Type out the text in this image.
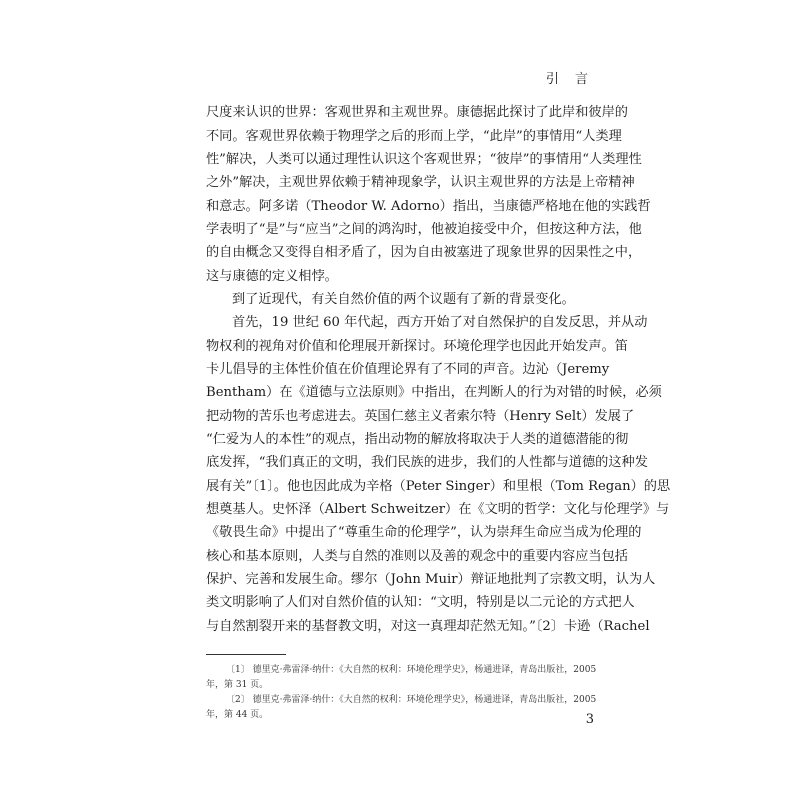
引 言
尺度来认识的世界：客观世界和主观世界。康德据此探讨了此岸和彼岸的
不同。客观世界依赖于物理学之后的形而上学，“此岸”的事情用“人类理
性”解决，人类可以通过理性认识这个客观世界；“彼岸”的事情用“人类理性
之外”解决，主观世界依赖于精神现象学，认识主观世界的方法是上帝精神
和意志。阿多诺（Theodor W. Adorno）指出，当康德严格地在他的实践哲
学表明了“是”与“应当”之间的鸿沟时，他被迫接受中介，但按这种方法，他
的自由概念又变得自相矛盾了，因为自由被塞进了现象世界的因果性之中，
这与康德的定义相悖。
到了近现代，有关自然价值的两个议题有了新的背景变化。
首先，19 世纪 60 年代起，西方开始了对自然保护的自发反思，并从动
物权利的视角对价值和伦理展开新探讨。环境伦理学也因此开始发声。笛
卡儿倡导的主体性价值在价值理论界有了不同的声音。边沁（Jeremy
Bentham）在《道德与立法原则》中指出，在判断人的行为对错的时候，必须
把动物的苦乐也考虑进去。英国仁慈主义者索尔特（Henry Selt）发展了
“仁爱为人的本性”的观点，指出动物的解放将取决于人类的道德潜能的彻
底发挥，“我们真正的文明，我们民族的进步，我们的人性都与道德的这种发
展有关”〔1〕。他也因此成为辛格（Peter Singer）和里根（Tom Regan）的思
想奠基人。史怀泽（Albert Schweitzer）在《文明的哲学：文化与伦理学》与
《敬畏生命》中提出了“尊重生命的伦理学”，认为崇拜生命应当成为伦理的
核心和基本原则，人类与自然的准则以及善的观念中的重要内容应当包括
保护、完善和发展生命。缪尔（John Muir）辩证地批判了宗教文明，认为人
类文明影响了人们对自然价值的认知：“文明，特别是以二元论的方式把人
与自然割裂开来的基督教文明，对这一真理却茫然无知。”〔2〕卡逊（Rachel
〔1〕 德里克·弗雷泽·纳什：《大自然的权利：环境伦理学史》，杨通进译，青岛出版社，2005
年，第 31 页。
〔2〕 德里克·弗雷泽·纳什：《大自然的权利：环境伦理学史》，杨通进译，青岛出版社，2005
年，第 44 页。	3
